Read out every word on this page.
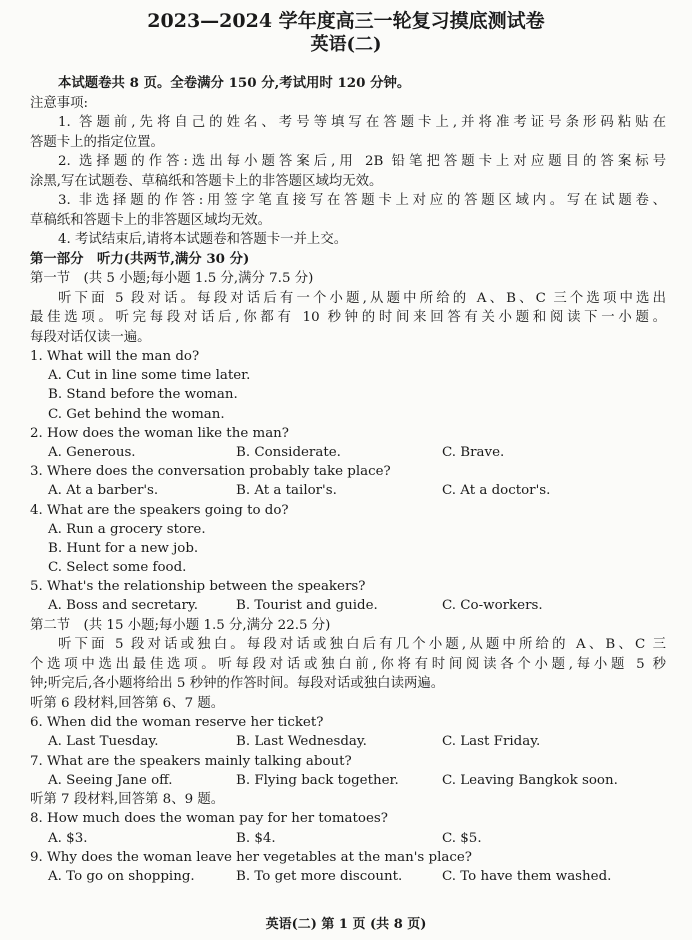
2023—2024 学年度高三一轮复习摸底测试卷
英语(二)
本试题卷共 8 页。全卷满分 150 分,考试用时 120 分钟。
注意事项:
1. 答题前,先将自己的姓名、考号等填写在答题卡上,并将准考证号条形码粘贴在
答题卡上的指定位置。
2. 选择题的作答:选出每小题答案后,用 2B 铅笔把答题卡上对应题目的答案标号
涂黑,写在试题卷、草稿纸和答题卡上的非答题区域均无效。
3. 非选择题的作答:用签字笔直接写在答题卡上对应的答题区域内。写在试题卷、
草稿纸和答题卡上的非答题区域均无效。
4. 考试结束后,请将本试题卷和答题卡一并上交。
第一部分　听力(共两节,满分 30 分)
第一节　(共 5 小题;每小题 1.5 分,满分 7.5 分)
听下面 5 段对话。每段对话后有一个小题,从题中所给的 A、B、C 三个选项中选出
最佳选项。听完每段对话后,你都有 10 秒钟的时间来回答有关小题和阅读下一小题。
每段对话仅读一遍。
1. What will the man do?
A. Cut in line some time later.
B. Stand before the woman.
C. Get behind the woman.
2. How does the woman like the man?
A. Generous.	B. Considerate.	C. Brave.
3. Where does the conversation probably take place?
A. At a barber's.	B. At a tailor's.	C. At a doctor's.
4. What are the speakers going to do?
A. Run a grocery store.
B. Hunt for a new job.
C. Select some food.
5. What's the relationship between the speakers?
A. Boss and secretary.	B. Tourist and guide.	C. Co-workers.
第二节　(共 15 小题;每小题 1.5 分,满分 22.5 分)
听下面 5 段对话或独白。每段对话或独白后有几个小题,从题中所给的 A、B、C 三
个选项中选出最佳选项。听每段对话或独白前,你将有时间阅读各个小题,每小题 5 秒
钟;听完后,各小题将给出 5 秒钟的作答时间。每段对话或独白读两遍。
听第 6 段材料,回答第 6、7 题。
6. When did the woman reserve her ticket?
A. Last Tuesday.	B. Last Wednesday.	C. Last Friday.
7. What are the speakers mainly talking about?
A. Seeing Jane off.	B. Flying back together.	C. Leaving Bangkok soon.
听第 7 段材料,回答第 8、9 题。
8. How much does the woman pay for her tomatoes?
A. $3.	B. $4.	C. $5.
9. Why does the woman leave her vegetables at the man's place?
A. To go on shopping.	B. To get more discount.	C. To have them washed.
英语(二) 第 1 页 (共 8 页)
